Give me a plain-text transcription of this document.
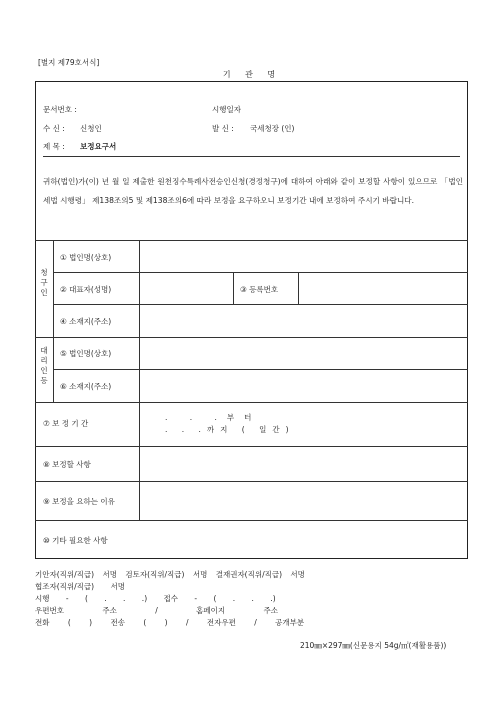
[별지 제79호서식]
기 관 명
문서번호 :	시행일자
수 신 : 신청인	발 신 : 국세청장 (인)
제 목 : 보정요구서
귀하(법인)가(이) 년 월 일 제출한 원천징수특례사전승인신청(경정청구)에 대하여 아래와 같이 보정할 사항이 있으므로 「법인세법 시행령」 제138조의5 및 제138조의6에 따라 보정을 요구하오니 보정기간 내에 보정하여 주시기 바랍니다.
청구인
대리인등
① 법인명(상호)
② 대표자(성명)	③ 등록번호
④ 소재지(주소)
⑤ 법인명(상호)
⑥ 소재지(주소)
⑦ 보 정 기 간
. . .부터
. . .까지 ( 일간)
⑧ 보정할 사항
⑨ 보정을 요하는 이유
⑩ 기타 필요한 사항
기안자(직위/직급) 서명 검토자(직위/직급) 서명 결재권자(직위/직급) 서명
협조자(직위/직급) 서명
시행 - ( . . .) 접수 - ( . . .)
우편번호 주소 / 홈페이지 주소
전화 ( ) 전송 ( ) / 전자우편 / 공개부분
210㎜×297㎜(신문용지 54g/㎡(재활용품))
